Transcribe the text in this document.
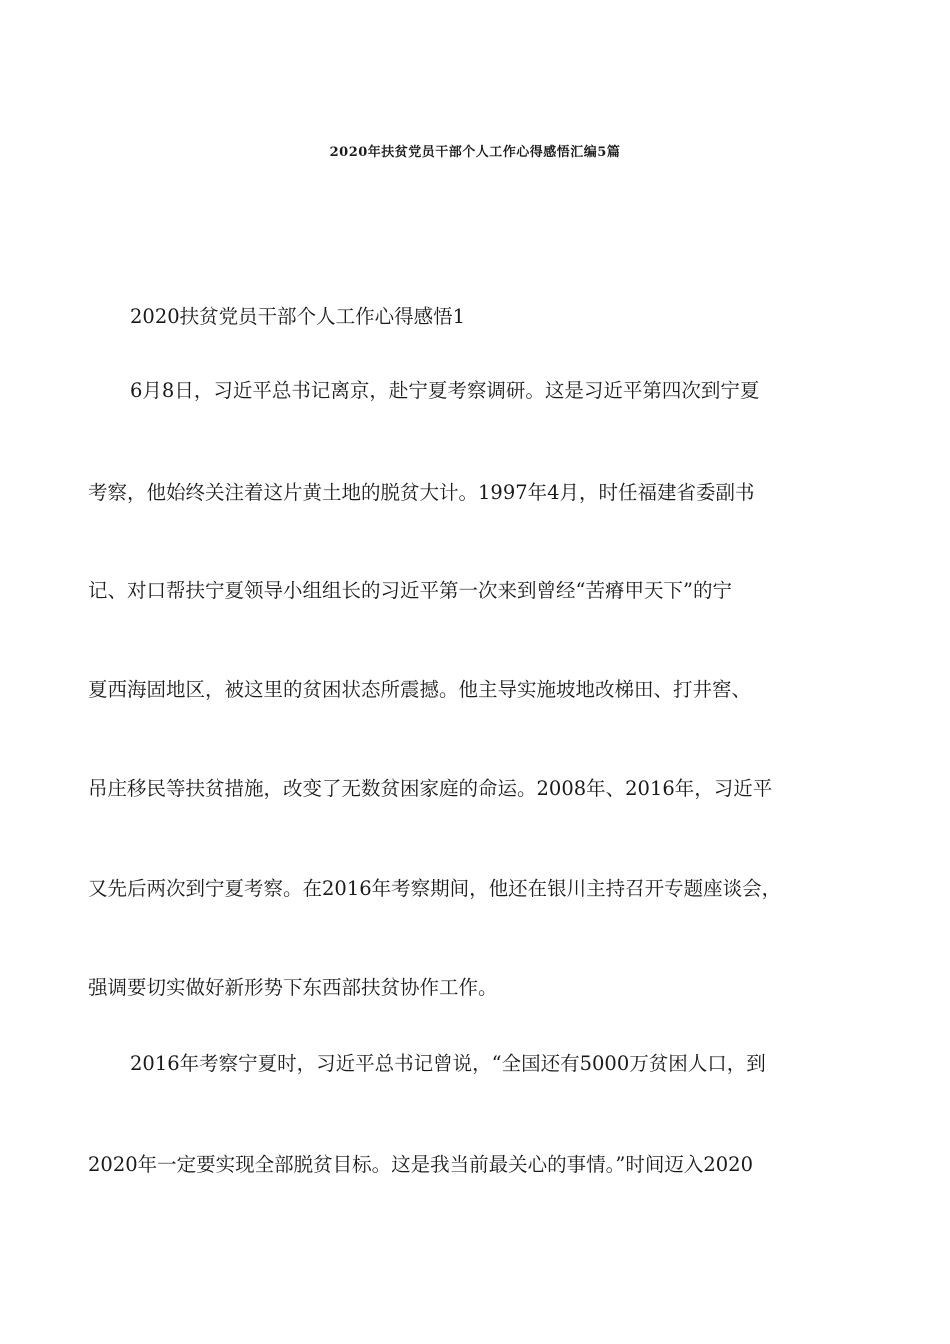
2020年扶贫党员干部个人工作心得感悟汇编5篇

2020扶贫党员干部个人工作心得感悟1

6月8日，习近平总书记离京，赴宁夏考察调研。这是习近平第四次到宁夏

考察，他始终关注着这片黄土地的脱贫大计。1997年4月，时任福建省委副书

记、对口帮扶宁夏领导小组组长的习近平第一次来到曾经“苦瘠甲天下”的宁

夏西海固地区，被这里的贫困状态所震撼。他主导实施坡地改梯田、打井窖、

吊庄移民等扶贫措施，改变了无数贫困家庭的命运。2008年、2016年，习近平

又先后两次到宁夏考察。在2016年考察期间，他还在银川主持召开专题座谈会，

强调要切实做好新形势下东西部扶贫协作工作。

2016年考察宁夏时，习近平总书记曾说，“全国还有5000万贫困人口，到

2020年一定要实现全部脱贫目标。这是我当前最关心的事情。”时间迈入2020
